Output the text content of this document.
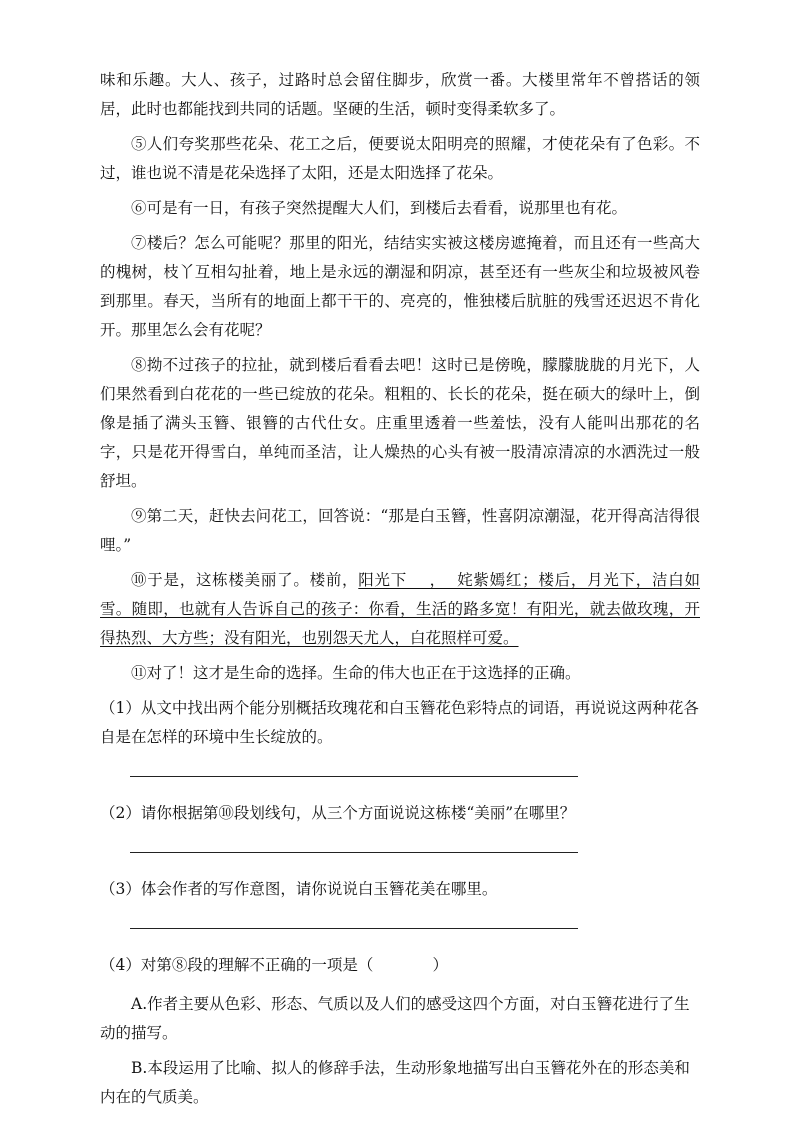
味和乐趣。大人、孩子，过路时总会留住脚步，欣赏一番。大楼里常年不曾搭话的领居，此时也都能找到共同的话题。坚硬的生活，顿时变得柔软多了。

⑤人们夸奖那些花朵、花工之后，便要说太阳明亮的照耀，才使花朵有了色彩。不过，谁也说不清是花朵选择了太阳，还是太阳选择了花朵。

⑥可是有一日，有孩子突然提醒大人们，到楼后去看看，说那里也有花。

⑦楼后？怎么可能呢？那里的阳光，结结实实被这楼房遮掩着，而且还有一些高大的槐树，枝丫互相勾扯着，地上是永远的潮湿和阴凉，甚至还有一些灰尘和垃圾被风卷到那里。春天，当所有的地面上都干干的、亮亮的，惟独楼后肮脏的残雪还迟迟不肯化开。那里怎么会有花呢？

⑧拗不过孩子的拉扯，就到楼后看看去吧！这时已是傍晚，朦朦胧胧的月光下，人们果然看到白花花的一些已绽放的花朵。粗粗的、长长的花朵，挺在硕大的绿叶上，倒像是插了满头玉簪、银簪的古代仕女。庄重里透着一些羞怯，没有人能叫出那花的名字，只是花开得雪白，单纯而圣洁，让人燥热的心头有被一股清凉清凉的水洒洗过一般舒坦。

⑨第二天，赶快去问花工，回答说：“那是白玉簪，性喜阴凉潮湿，花开得高洁得很哩。”

⑩于是，这栋楼美丽了。楼前，阳光下    ，  姹紫嫣红；楼后，月光下，洁白如雪。随即，也就有人告诉自己的孩子：你看，生活的路多宽！有阳光，就去做玫瑰，开得热烈、大方些；没有阳光，也别怨天尤人，白花照样可爱。

⑪对了！这才是生命的选择。生命的伟大也正在于这选择的正确。

（1）从文中找出两个能分别概括玫瑰花和白玉簪花色彩特点的词语，再说说这两种花各自是在怎样的环境中生长绽放的。

（2）请你根据第⑩段划线句，从三个方面说说这栋楼“美丽”在哪里？

（3）体会作者的写作意图，请你说说白玉簪花美在哪里。

（4）对第⑧段的理解不正确的一项是（            ）

A.作者主要从色彩、形态、气质以及人们的感受这四个方面，对白玉簪花进行了生动的描写。

B.本段运用了比喻、拟人的修辞手法，生动形象地描写出白玉簪花外在的形态美和内在的气质美。
